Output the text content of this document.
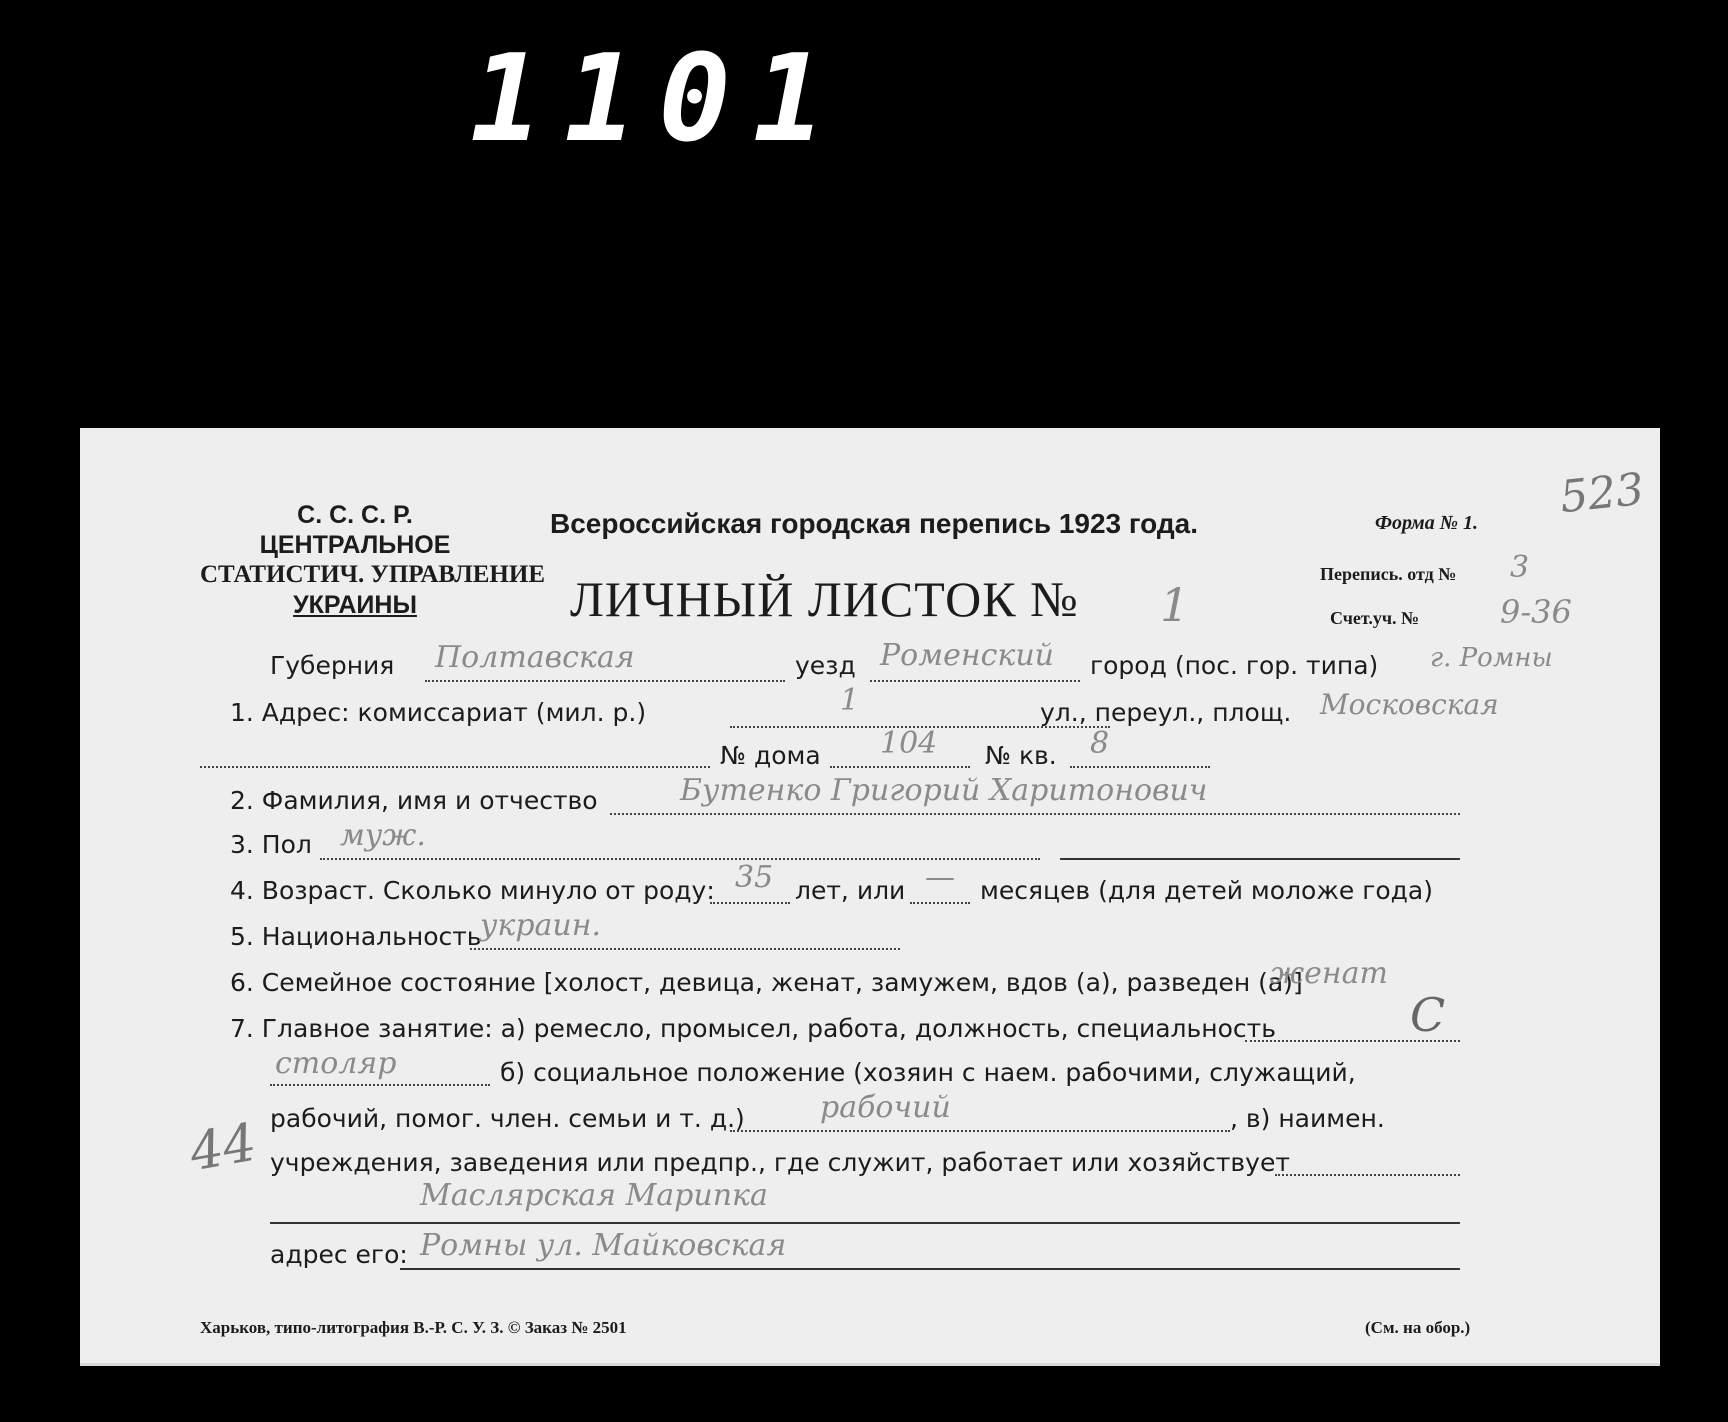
1101
С. С. С. Р.
ЦЕНТРАЛЬНОЕ
СТАТИСТИЧ. УПРАВЛЕНИЕ
УКРАИНЫ
Всероссийская городская перепись 1923 года.	Форма № 1. 523
ЛИЧНЫЙ ЛИСТОК № 1
Перепись. отд № 3
Счет.уч. №	9-36
Губерния Полтавская	уезд Роменский город (пос. гор. типа) г. Ромны
1. Адрес: комиссариат (мил. р.)	1	ул., переул., площ. Московская
№ дома 104 № кв. 8
2. Фамилия, имя и отчество	Бутенко Григорий Харитонович
3. Пол муж.
4. Возраст. Сколько минуло от роду: 35 лет, или — месяцев (для детей моложе года)
5. Национальность
украин.
6. Семейное состояние [холост, девица, женат, замужем, вдов (а), разведен (а)]
женат
7. Главное занятие: а) ремесло, промысел, работа, должность, специальность
столяр	б) социальное положение (хозяин с наем. рабочими, служащий,
рабочий, помог. член. семьи и т. д.)	рабочий	, в) наимен.
учреждения, заведения или предпр., где служит, работает или хозяйствует
Маслярская Марипка
адрес его: Ромны ул. Майковская
44
С
Харьков, типо-литография В.-Р. С. У. З. © Заказ № 2501	(См. на обор.)
